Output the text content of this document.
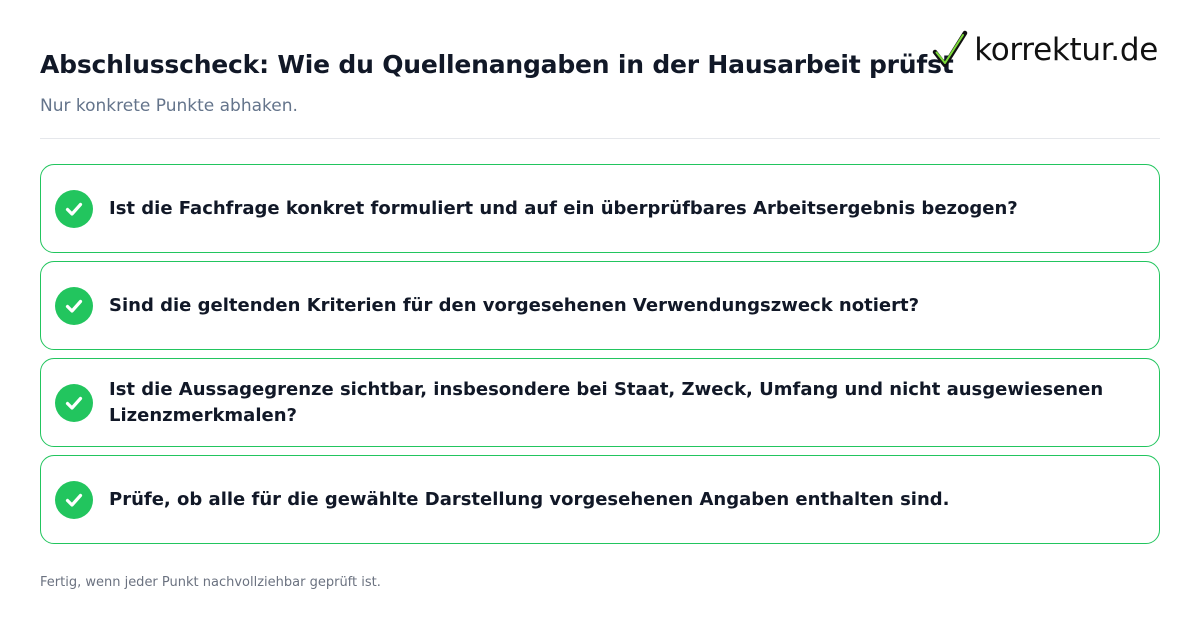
Abschlusscheck: Wie du Quellenangaben in der Hausarbeit prüfst

Nur konkrete Punkte abhaken.

korrektur.de
Ist die Fachfrage konkret formuliert und auf ein überprüfbares Arbeitsergebnis bezogen?
Sind die geltenden Kriterien für den vorgesehenen Verwendungszweck notiert?
Ist die Aussagegrenze sichtbar, insbesondere bei Staat, Zweck, Umfang und nicht ausgewiesenen Lizenzmerkmalen?
Prüfe, ob alle für die gewählte Darstellung vorgesehenen Angaben enthalten sind.

Fertig, wenn jeder Punkt nachvollziehbar geprüft ist.
